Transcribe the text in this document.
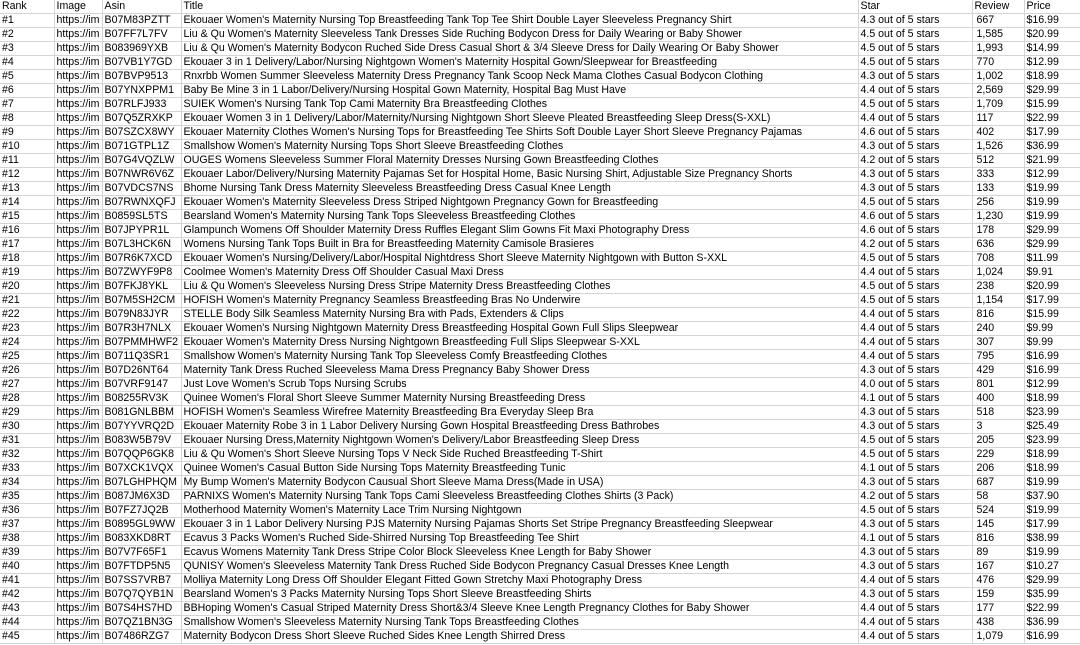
Rank	Image	Asin	Title	Star	Review	Price
#1	https://im	B07M83PZTT	Ekouaer Women's Maternity Nursing Top Breastfeeding Tank Top Tee Shirt Double Layer Sleeveless Pregnancy Shirt	4.3 out of 5 stars	667	$16.99
#2	https://im	B07FF7L7FV	Liu & Qu Women's Maternity Sleeveless Tank Dresses Side Ruching Bodycon Dress for Daily Wearing or Baby Shower	4.5 out of 5 stars	1,585	$20.99
#3	https://im	B083969YXB	Liu & Qu Women's Maternity Bodycon Ruched Side Dress Casual Short & 3/4 Sleeve Dress for Daily Wearing Or Baby Shower	4.5 out of 5 stars	1,993	$14.99
#4	https://im	B07VB1Y7GD	Ekouaer 3 in 1 Delivery/Labor/Nursing Nightgown Women's Maternity Hospital Gown/Sleepwear for Breastfeeding	4.5 out of 5 stars	770	$12.99
#5	https://im	B07BVP9513	Rnxrbb Women Summer Sleeveless Maternity Dress Pregnancy Tank Scoop Neck Mama Clothes Casual Bodycon Clothing	4.3 out of 5 stars	1,002	$18.99
#6	https://im	B07YNXPPM1	Baby Be Mine 3 in 1 Labor/Delivery/Nursing Hospital Gown Maternity, Hospital Bag Must Have	4.4 out of 5 stars	2,569	$29.99
#7	https://im	B07RLFJ933	SUIEK Women's Nursing Tank Top Cami Maternity Bra Breastfeeding Clothes	4.5 out of 5 stars	1,709	$15.99
#8	https://im	B07Q5ZRXKP	Ekouaer Women 3 in 1 Delivery/Labor/Maternity/Nursing Nightgown Short Sleeve Pleated Breastfeeding Sleep Dress(S-XXL)	4.4 out of 5 stars	117	$22.99
#9	https://im	B07SZCX8WY	Ekouaer Maternity Clothes Women's Nursing Tops for Breastfeeding Tee Shirts Soft Double Layer Short Sleeve Pregnancy Pajamas	4.6 out of 5 stars	402	$17.99
#10	https://im	B071GTPL1Z	Smallshow Women's Maternity Nursing Tops Short Sleeve Breastfeeding Clothes	4.3 out of 5 stars	1,526	$36.99
#11	https://im	B07G4VQZLW	OUGES Womens Sleeveless Summer Floral Maternity Dresses Nursing Gown Breastfeeding Clothes	4.2 out of 5 stars	512	$21.99
#12	https://im	B07NWR6V6Z	Ekouaer Labor/Delivery/Nursing Maternity Pajamas Set for Hospital Home, Basic Nursing Shirt, Adjustable Size Pregnancy Shorts	4.3 out of 5 stars	333	$12.99
#13	https://im	B07VDCS7NS	Bhome Nursing Tank Dress Maternity Sleeveless Breastfeeding Dress Casual Knee Length	4.3 out of 5 stars	133	$19.99
#14	https://im	B07RWNXQFJ	Ekouaer Women's Maternity Sleeveless Dress Striped Nightgown Pregnancy Gown for Breastfeeding	4.5 out of 5 stars	256	$19.99
#15	https://im	B0859SL5TS	Bearsland Women's Maternity Nursing Tank Tops Sleeveless Breastfeeding Clothes	4.6 out of 5 stars	1,230	$19.99
#16	https://im	B07JPYPR1L	Glampunch Womens Off Shoulder Maternity Dress Ruffles Elegant Slim Gowns Fit Maxi Photography Dress	4.6 out of 5 stars	178	$29.99
#17	https://im	B07L3HCK6N	Womens Nursing Tank Tops Built in Bra for Breastfeeding Maternity Camisole Brasieres	4.2 out of 5 stars	636	$29.99
#18	https://im	B07R6K7XCD	Ekouaer Women's Nursing/Delivery/Labor/Hospital Nightdress Short Sleeve Maternity Nightgown with Button S-XXL	4.5 out of 5 stars	708	$11.99
#19	https://im	B07ZWYF9P8	Coolmee Women's Maternity Dress Off Shoulder Casual Maxi Dress	4.4 out of 5 stars	1,024	$9.91
#20	https://im	B07FKJ8YKL	Liu & Qu Women's Sleeveless Nursing Dress Stripe Maternity Dress Breastfeeding Clothes	4.5 out of 5 stars	238	$20.99
#21	https://im	B07M5SH2CM	HOFISH Women's Maternity Pregnancy Seamless Breastfeeding Bras No Underwire	4.5 out of 5 stars	1,154	$17.99
#22	https://im	B079N83JYR	STELLE Body Silk Seamless Maternity Nursing Bra with Pads, Extenders & Clips	4.4 out of 5 stars	816	$15.99
#23	https://im	B07R3H7NLX	Ekouaer Women's Nursing Nightgown Maternity Dress Breastfeeding Hospital Gown Full Slips Sleepwear	4.4 out of 5 stars	240	$9.99
#24	https://im	B07PMMHWF2	Ekouaer Women's Maternity Dress Nursing Nightgown Breastfeeding Full Slips Sleepwear S-XXL	4.4 out of 5 stars	307	$9.99
#25	https://im	B0711Q3SR1	Smallshow Women's Maternity Nursing Tank Top Sleeveless Comfy Breastfeeding Clothes	4.4 out of 5 stars	795	$16.99
#26	https://im	B07D26NT64	Maternity Tank Dress Ruched Sleeveless Mama Dress Pregnancy Baby Shower Dress	4.3 out of 5 stars	429	$16.99
#27	https://im	B07VRF9147	Just Love Women's Scrub Tops Nursing Scrubs	4.0 out of 5 stars	801	$12.99
#28	https://im	B08255RV3K	Quinee Women's Floral Short Sleeve Summer Maternity Nursing Breastfeeding Dress	4.1 out of 5 stars	400	$18.99
#29	https://im	B081GNLBBM	HOFISH Women's Seamless Wirefree Maternity Breastfeeding Bra Everyday Sleep Bra	4.3 out of 5 stars	518	$23.99
#30	https://im	B07YYVRQ2D	Ekouaer Maternity Robe 3 in 1 Labor Delivery Nursing Gown Hospital Breastfeeding Dress Bathrobes	4.3 out of 5 stars	3	$25.49
#31	https://im	B083W5B79V	Ekouaer Nursing Dress,Maternity Nightgown Women's Delivery/Labor Breastfeeding Sleep Dress	4.5 out of 5 stars	205	$23.99
#32	https://im	B07QQP6GK8	Liu & Qu Women's Short Sleeve Nursing Tops V Neck Side Ruched Breastfeeding T-Shirt	4.5 out of 5 stars	229	$18.99
#33	https://im	B07XCK1VQX	Quinee Women's Casual Button Side Nursing Tops Maternity Breastfeeding Tunic	4.1 out of 5 stars	206	$18.99
#34	https://im	B07LGHPHQM	My Bump Women's Maternity Bodycon Causual Short Sleeve Mama Dress(Made in USA)	4.3 out of 5 stars	687	$19.99
#35	https://im	B087JM6X3D	PARNIXS Women's Maternity Nursing Tank Tops Cami Sleeveless Breastfeeding Clothes Shirts (3 Pack)	4.2 out of 5 stars	58	$37.90
#36	https://im	B07FZ7JQ2B	Motherhood Maternity Women's Maternity Lace Trim Nursing Nightgown	4.5 out of 5 stars	524	$19.99
#37	https://im	B0895GL9WW	Ekouaer 3 in 1 Labor Delivery Nursing PJS Maternity Nursing Pajamas Shorts Set Stripe Pregnancy Breastfeeding Sleepwear	4.3 out of 5 stars	145	$17.99
#38	https://im	B083XKD8RT	Ecavus 3 Packs Women's Ruched Side-Shirred Nursing Top Breastfeeding Tee Shirt	4.1 out of 5 stars	816	$38.99
#39	https://im	B07V7F65F1	Ecavus Womens Maternity Tank Dress Stripe Color Block Sleeveless Knee Length for Baby Shower	4.3 out of 5 stars	89	$19.99
#40	https://im	B07FTDP5N5	QUNISY Women's Sleeveless Maternity Tank Dress Ruched Side Bodycon Pregnancy Casual Dresses Knee Length	4.3 out of 5 stars	167	$10.27
#41	https://im	B07SS7VRB7	Molliya Maternity Long Dress Off Shoulder Elegant Fitted Gown Stretchy Maxi Photography Dress	4.4 out of 5 stars	476	$29.99
#42	https://im	B07Q7QYB1N	Bearsland Women's 3 Packs Maternity Nursing Tops Short Sleeve Breastfeeding Shirts	4.3 out of 5 stars	159	$35.99
#43	https://im	B07S4HS7HD	BBHoping Women's Casual Striped Maternity Dress Short&3/4 Sleeve Knee Length Pregnancy Clothes for Baby Shower	4.4 out of 5 stars	177	$22.99
#44	https://im	B07QZ1BN3G	Smallshow Women's Sleeveless Maternity Nursing Tank Tops Breastfeeding Clothes	4.4 out of 5 stars	438	$36.99
#45	https://im	B07486RZG7	Maternity Bodycon Dress Short Sleeve Ruched Sides Knee Length Shirred Dress	4.4 out of 5 stars	1,079	$16.99
